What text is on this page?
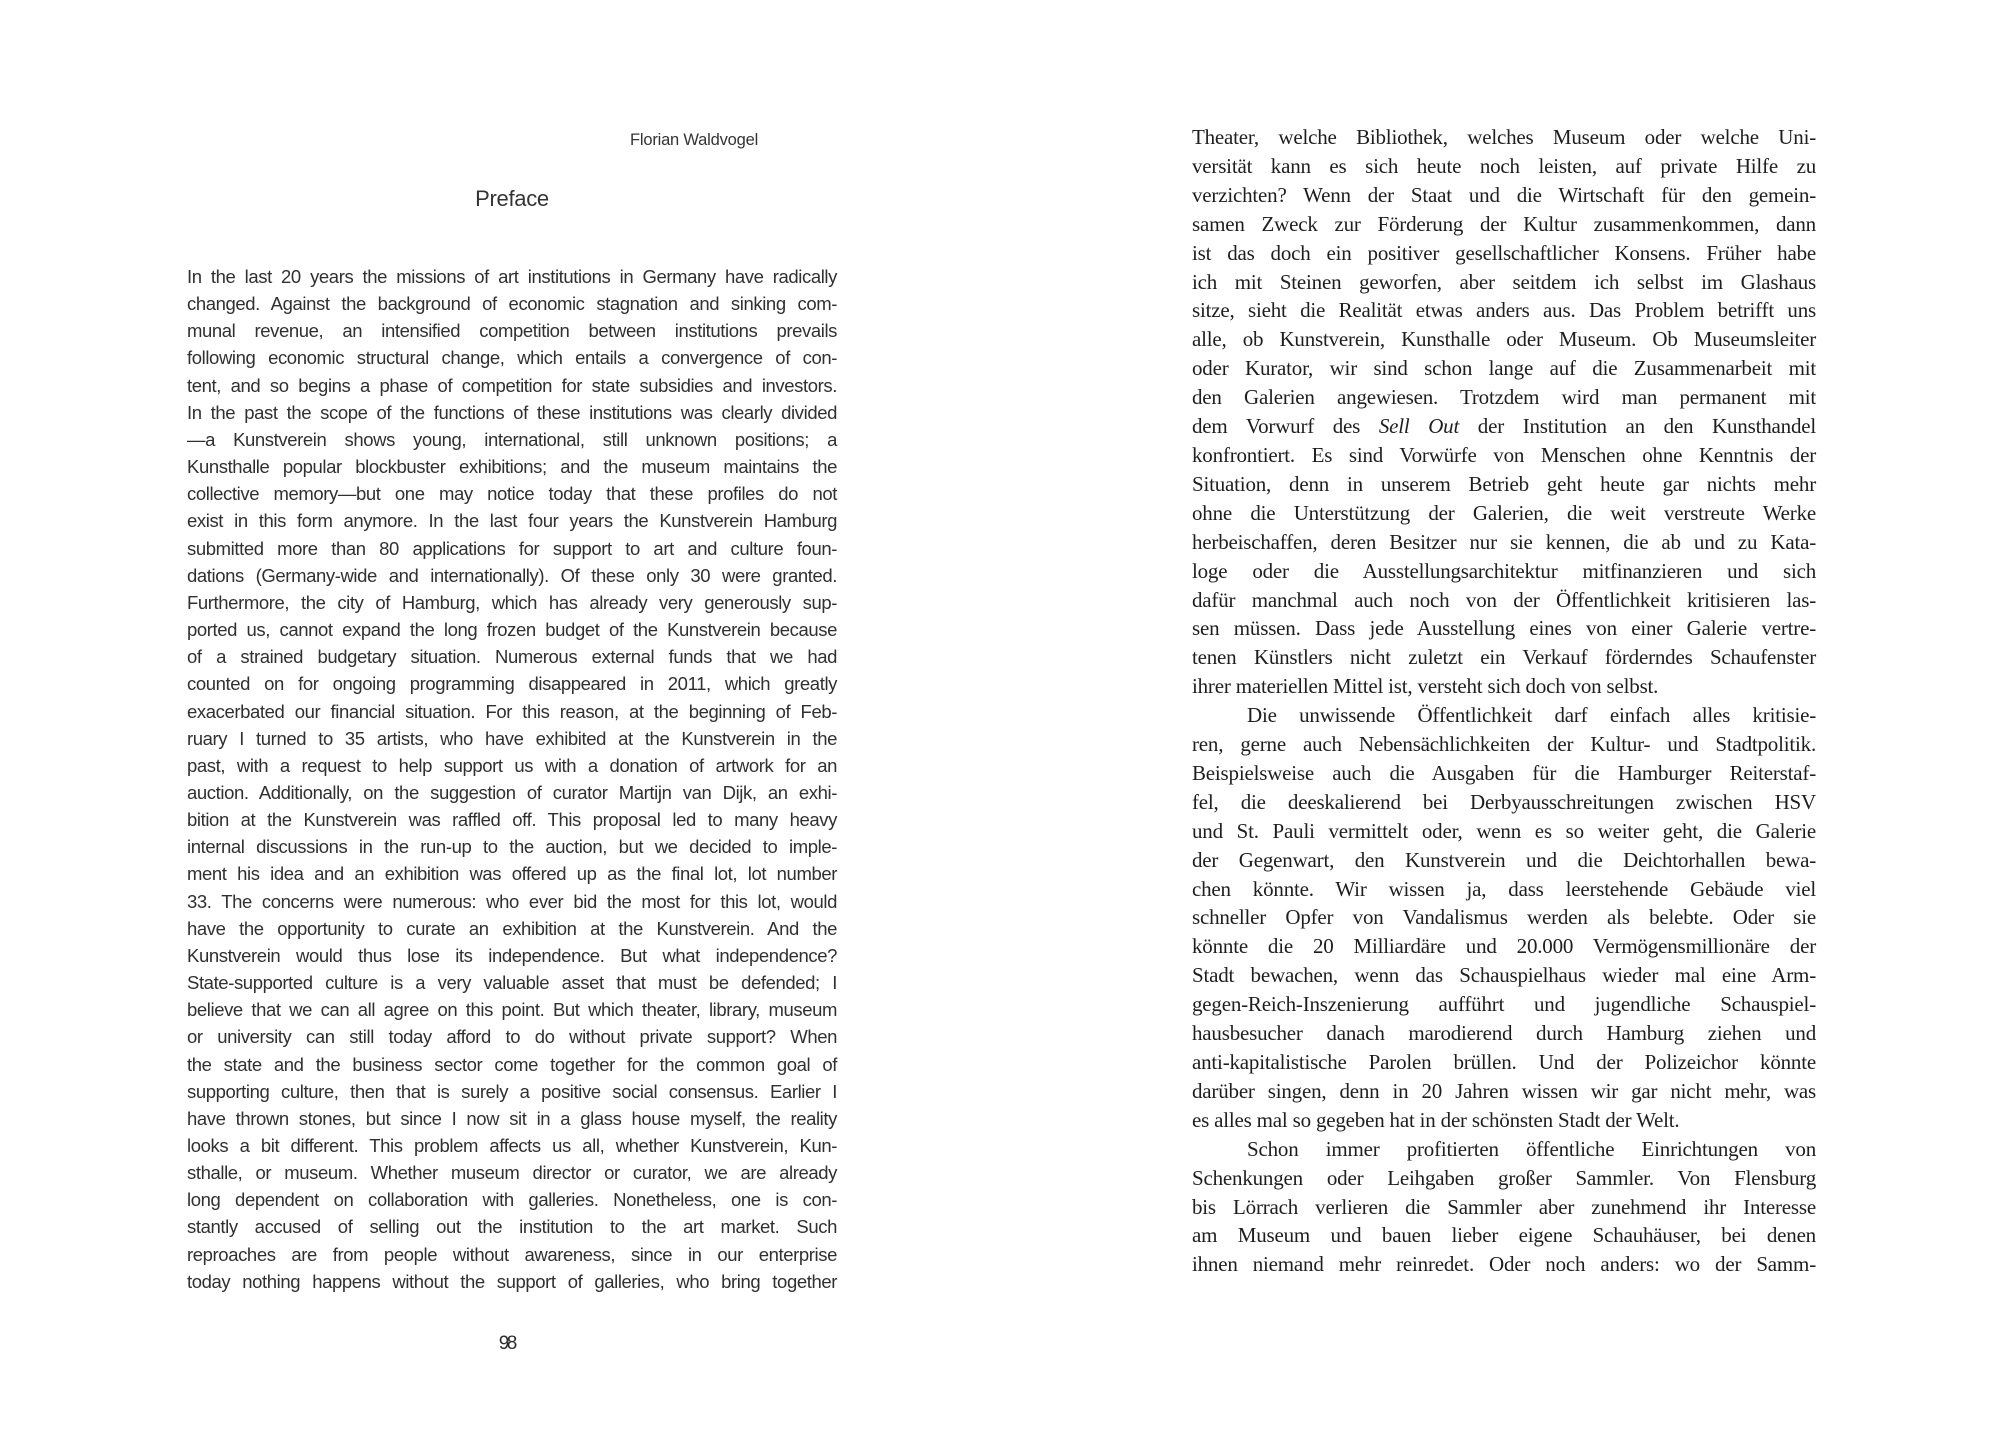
Florian Waldvogel
Preface
In the last 20 years the missions of art institutions in Germany have radically
changed. Against the background of economic stagnation and sinking com-
munal revenue, an intensified competition between institutions prevails
following economic structural change, which entails a convergence of con-
tent, and so begins a phase of competition for state subsidies and investors.
In the past the scope of the functions of these institutions was clearly divided
—a Kunstverein shows young, international, still unknown positions; a
Kunsthalle popular blockbuster exhibitions; and the museum maintains the
collective memory—but one may notice today that these profiles do not
exist in this form anymore. In the last four years the Kunstverein Hamburg
submitted more than 80 applications for support to art and culture foun-
dations (Germany-wide and internationally). Of these only 30 were granted.
Furthermore, the city of Hamburg, which has already very generously sup-
ported us, cannot expand the long frozen budget of the Kunstverein because
of a strained budgetary situation. Numerous external funds that we had
counted on for ongoing programming disappeared in 2011, which greatly
exacerbated our financial situation. For this reason, at the beginning of Feb-
ruary I turned to 35 artists, who have exhibited at the Kunstverein in the
past, with a request to help support us with a donation of artwork for an
auction. Additionally, on the suggestion of curator Martijn van Dijk, an exhi-
bition at the Kunstverein was raffled off. This proposal led to many heavy
internal discussions in the run-up to the auction, but we decided to imple-
ment his idea and an exhibition was offered up as the final lot, lot number
33. The concerns were numerous: who ever bid the most for this lot, would
have the opportunity to curate an exhibition at the Kunstverein. And the
Kunstverein would thus lose its independence. But what independence?
State-supported culture is a very valuable asset that must be defended; I
believe that we can all agree on this point. But which theater, library, museum
or university can still today afford to do without private support? When
the state and the business sector come together for the common goal of
supporting culture, then that is surely a positive social consensus. Earlier I
have thrown stones, but since I now sit in a glass house myself, the reality
looks a bit different. This problem affects us all, whether Kunstverein, Kun-
sthalle, or museum. Whether museum director or curator, we are already
long dependent on collaboration with galleries. Nonetheless, one is con-
stantly accused of selling out the institution to the art market. Such
reproaches are from people without awareness, since in our enterprise
today nothing happens without the support of galleries, who bring together
Theater, welche Bibliothek, welches Museum oder welche Uni-
versität kann es sich heute noch leisten, auf private Hilfe zu
verzichten? Wenn der Staat und die Wirtschaft für den gemein-
samen Zweck zur Förderung der Kultur zusammenkommen, dann
ist das doch ein positiver gesellschaftlicher Konsens. Früher habe
ich mit Steinen geworfen, aber seitdem ich selbst im Glashaus
sitze, sieht die Realität etwas anders aus. Das Problem betrifft uns
alle, ob Kunstverein, Kunsthalle oder Museum. Ob Museumsleiter
oder Kurator, wir sind schon lange auf die Zusammenarbeit mit
den Galerien angewiesen. Trotzdem wird man permanent mit
dem Vorwurf des Sell Out der Institution an den Kunsthandel
konfrontiert. Es sind Vorwürfe von Menschen ohne Kenntnis der
Situation, denn in unserem Betrieb geht heute gar nichts mehr
ohne die Unterstützung der Galerien, die weit verstreute Werke
herbeischaffen, deren Besitzer nur sie kennen, die ab und zu Kata-
loge oder die Ausstellungsarchitektur mitfinanzieren und sich
dafür manchmal auch noch von der Öffentlichkeit kritisieren las-
sen müssen. Dass jede Ausstellung eines von einer Galerie vertre-
tenen Künstlers nicht zuletzt ein Verkauf förderndes Schaufenster
ihrer materiellen Mittel ist, versteht sich doch von selbst.
Die unwissende Öffentlichkeit darf einfach alles kritisie-
ren, gerne auch Nebensächlichkeiten der Kultur- und Stadtpolitik.
Beispielsweise auch die Ausgaben für die Hamburger Reiterstaf-
fel, die deeskalierend bei Derbyausschreitungen zwischen HSV
und St. Pauli vermittelt oder, wenn es so weiter geht, die Galerie
der Gegenwart, den Kunstverein und die Deichtorhallen bewa-
chen könnte. Wir wissen ja, dass leerstehende Gebäude viel
schneller Opfer von Vandalismus werden als belebte. Oder sie
könnte die 20 Milliardäre und 20.000 Vermögensmillionäre der
Stadt bewachen, wenn das Schauspielhaus wieder mal eine Arm-
gegen-Reich-Inszenierung aufführt und jugendliche Schauspiel-
hausbesucher danach marodierend durch Hamburg ziehen und
anti-kapitalistische Parolen brüllen. Und der Polizeichor könnte
darüber singen, denn in 20 Jahren wissen wir gar nicht mehr, was
es alles mal so gegeben hat in der schönsten Stadt der Welt.
Schon immer profitierten öffentliche Einrichtungen von
Schenkungen oder Leihgaben großer Sammler. Von Flensburg
bis Lörrach verlieren die Sammler aber zunehmend ihr Interesse
am Museum und bauen lieber eigene Schauhäuser, bei denen
ihnen niemand mehr reinredet. Oder noch anders: wo der Samm-
8
9
